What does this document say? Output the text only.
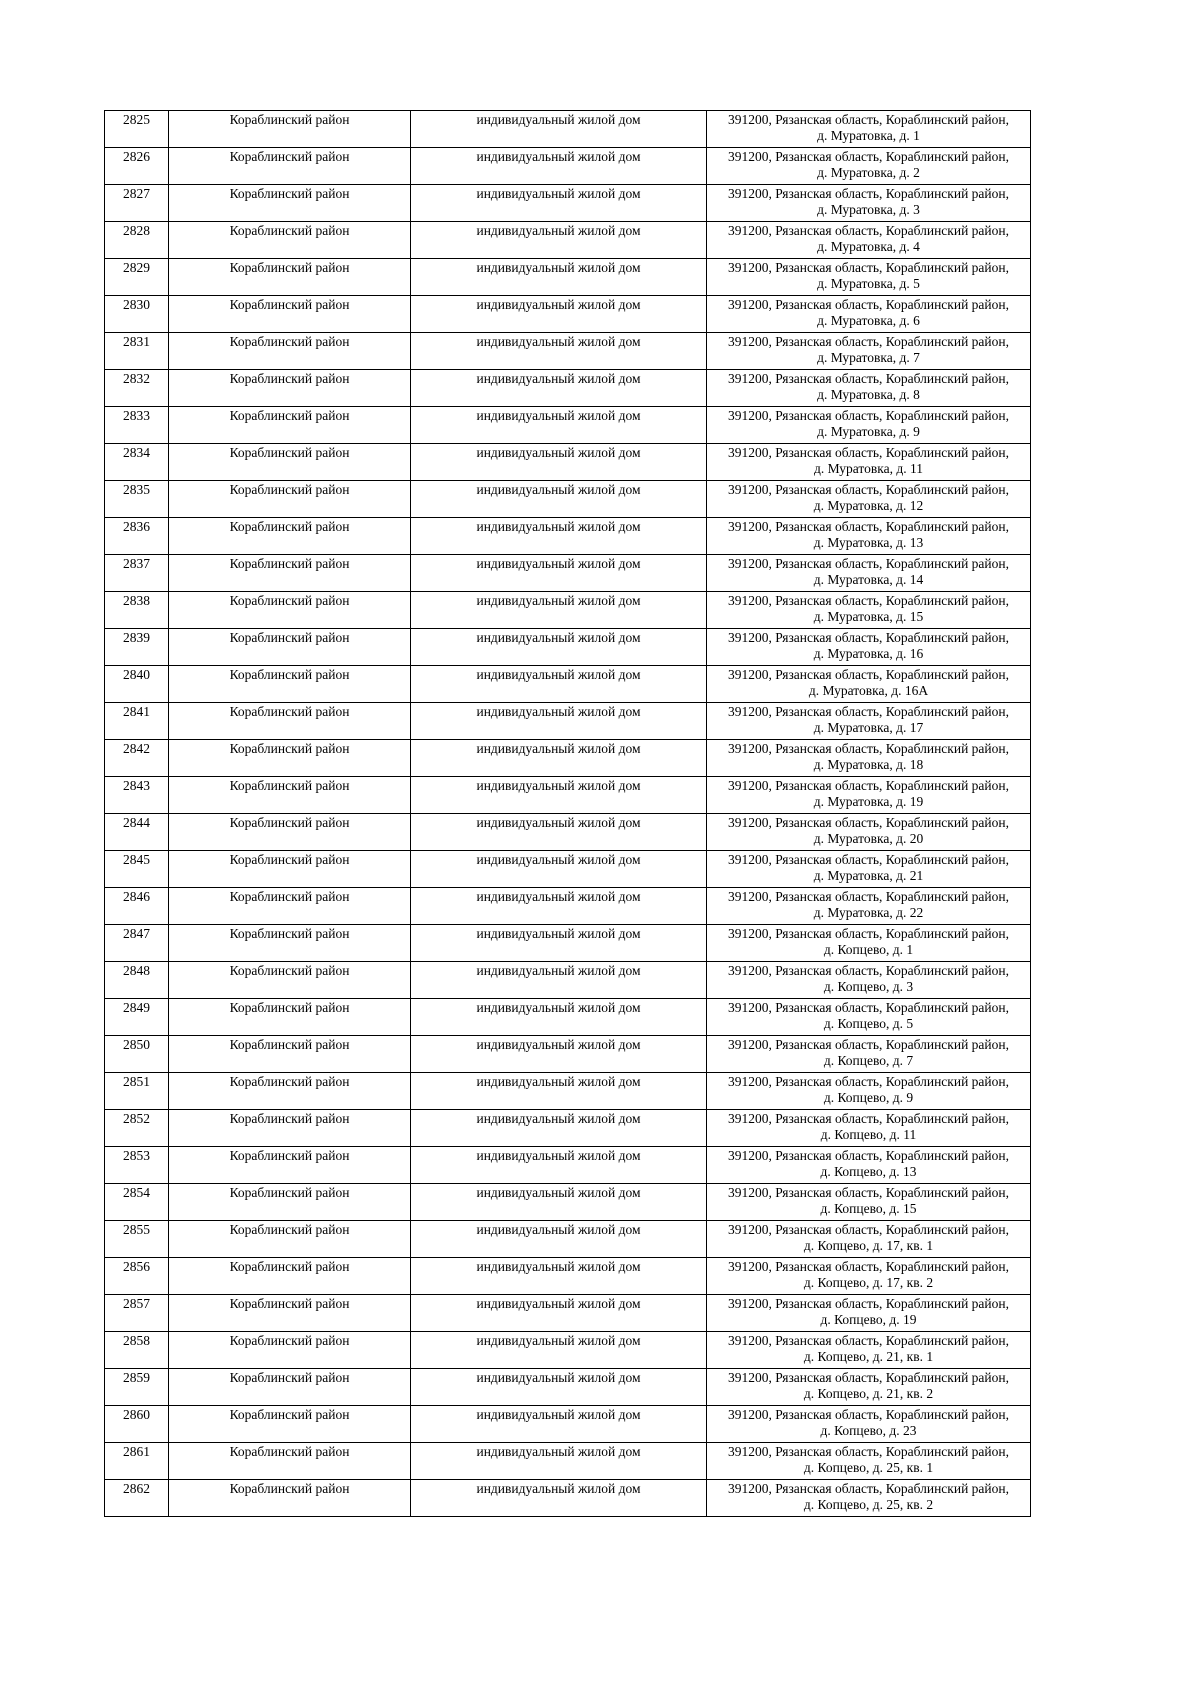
2825	Кораблинский район	индивидуальный жилой дом	391200, Рязанская область, Кораблинский район,
д. Муратовка, д. 1

2826	Кораблинский район	индивидуальный жилой дом	391200, Рязанская область, Кораблинский район,
д. Муратовка, д. 2

2827	Кораблинский район	индивидуальный жилой дом	391200, Рязанская область, Кораблинский район,
д. Муратовка, д. 3

2828	Кораблинский район	индивидуальный жилой дом	391200, Рязанская область, Кораблинский район,
д. Муратовка, д. 4

2829	Кораблинский район	индивидуальный жилой дом	391200, Рязанская область, Кораблинский район,
д. Муратовка, д. 5

2830	Кораблинский район	индивидуальный жилой дом	391200, Рязанская область, Кораблинский район,
д. Муратовка, д. 6

2831	Кораблинский район	индивидуальный жилой дом	391200, Рязанская область, Кораблинский район,
д. Муратовка, д. 7

2832	Кораблинский район	индивидуальный жилой дом	391200, Рязанская область, Кораблинский район,
д. Муратовка, д. 8

2833	Кораблинский район	индивидуальный жилой дом	391200, Рязанская область, Кораблинский район,
д. Муратовка, д. 9

2834	Кораблинский район	индивидуальный жилой дом	391200, Рязанская область, Кораблинский район,
д. Муратовка, д. 11

2835	Кораблинский район	индивидуальный жилой дом	391200, Рязанская область, Кораблинский район,
д. Муратовка, д. 12

2836	Кораблинский район	индивидуальный жилой дом	391200, Рязанская область, Кораблинский район,
д. Муратовка, д. 13

2837	Кораблинский район	индивидуальный жилой дом	391200, Рязанская область, Кораблинский район,
д. Муратовка, д. 14

2838	Кораблинский район	индивидуальный жилой дом	391200, Рязанская область, Кораблинский район,
д. Муратовка, д. 15

2839	Кораблинский район	индивидуальный жилой дом	391200, Рязанская область, Кораблинский район,
д. Муратовка, д. 16

2840	Кораблинский район	индивидуальный жилой дом	391200, Рязанская область, Кораблинский район,
д. Муратовка, д. 16А

2841	Кораблинский район	индивидуальный жилой дом	391200, Рязанская область, Кораблинский район,
д. Муратовка, д. 17

2842	Кораблинский район	индивидуальный жилой дом	391200, Рязанская область, Кораблинский район,
д. Муратовка, д. 18

2843	Кораблинский район	индивидуальный жилой дом	391200, Рязанская область, Кораблинский район,
д. Муратовка, д. 19

2844	Кораблинский район	индивидуальный жилой дом	391200, Рязанская область, Кораблинский район,
д. Муратовка, д. 20

2845	Кораблинский район	индивидуальный жилой дом	391200, Рязанская область, Кораблинский район,
д. Муратовка, д. 21

2846	Кораблинский район	индивидуальный жилой дом	391200, Рязанская область, Кораблинский район,
д. Муратовка, д. 22

2847	Кораблинский район	индивидуальный жилой дом	391200, Рязанская область, Кораблинский район,
д. Копцево, д. 1

2848	Кораблинский район	индивидуальный жилой дом	391200, Рязанская область, Кораблинский район,
д. Копцево, д. 3

2849	Кораблинский район	индивидуальный жилой дом	391200, Рязанская область, Кораблинский район,
д. Копцево, д. 5

2850	Кораблинский район	индивидуальный жилой дом	391200, Рязанская область, Кораблинский район,
д. Копцево, д. 7

2851	Кораблинский район	индивидуальный жилой дом	391200, Рязанская область, Кораблинский район,
д. Копцево, д. 9

2852	Кораблинский район	индивидуальный жилой дом	391200, Рязанская область, Кораблинский район,
д. Копцево, д. 11

2853	Кораблинский район	индивидуальный жилой дом	391200, Рязанская область, Кораблинский район,
д. Копцево, д. 13

2854	Кораблинский район	индивидуальный жилой дом	391200, Рязанская область, Кораблинский район,
д. Копцево, д. 15

2855	Кораблинский район	индивидуальный жилой дом	391200, Рязанская область, Кораблинский район,
д. Копцево, д. 17, кв. 1

2856	Кораблинский район	индивидуальный жилой дом	391200, Рязанская область, Кораблинский район,
д. Копцево, д. 17, кв. 2

2857	Кораблинский район	индивидуальный жилой дом	391200, Рязанская область, Кораблинский район,
д. Копцево, д. 19

2858	Кораблинский район	индивидуальный жилой дом	391200, Рязанская область, Кораблинский район,
д. Копцево, д. 21, кв. 1

2859	Кораблинский район	индивидуальный жилой дом	391200, Рязанская область, Кораблинский район,
д. Копцево, д. 21, кв. 2

2860	Кораблинский район	индивидуальный жилой дом	391200, Рязанская область, Кораблинский район,
д. Копцево, д. 23

2861	Кораблинский район	индивидуальный жилой дом	391200, Рязанская область, Кораблинский район,
д. Копцево, д. 25, кв. 1

2862	Кораблинский район	индивидуальный жилой дом	391200, Рязанская область, Кораблинский район,
д. Копцево, д. 25, кв. 2
